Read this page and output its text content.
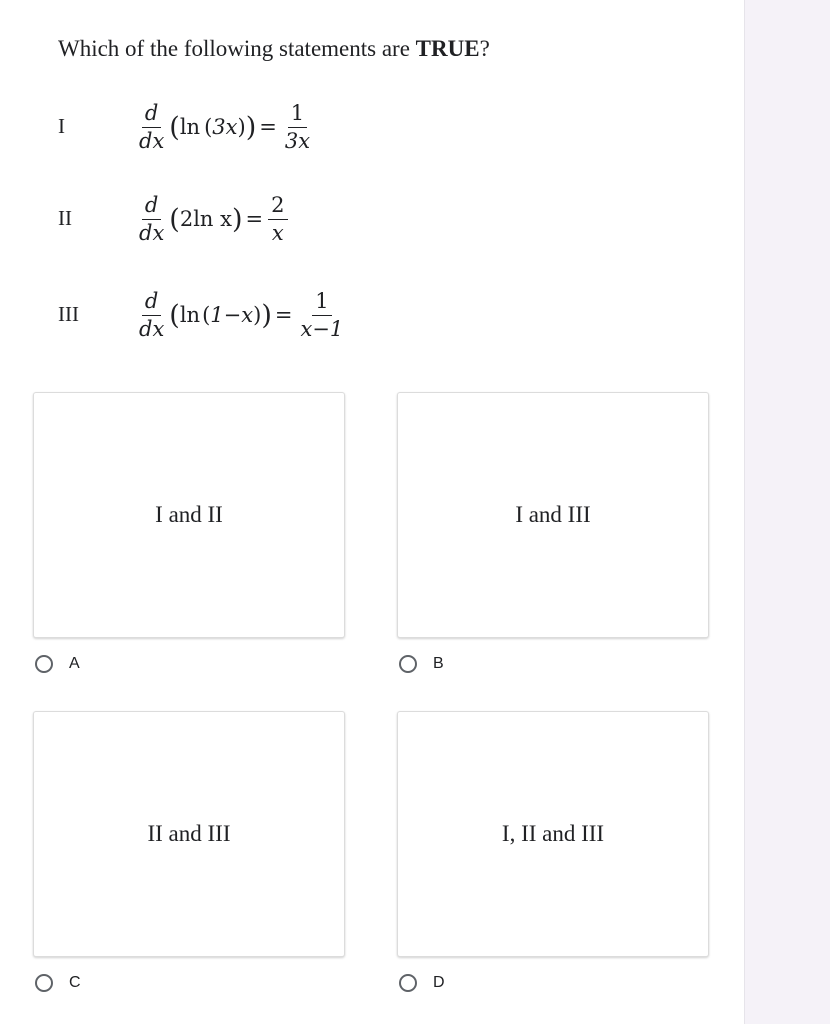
Which of the following statements are TRUE?
I	$\frac{d}{dx}$ ( ln ( 3x ) ) = $\frac{1}{3x}$
II	$\frac{d}{dx}$ ( 2ln x ) = $\frac{2}{x}$
III	$\frac{d}{dx}$ ( ln ( 1−x ) ) = $\frac{1}{x-1}$
I and II
A
I and III
B
II and III
C
I, II and III
D
